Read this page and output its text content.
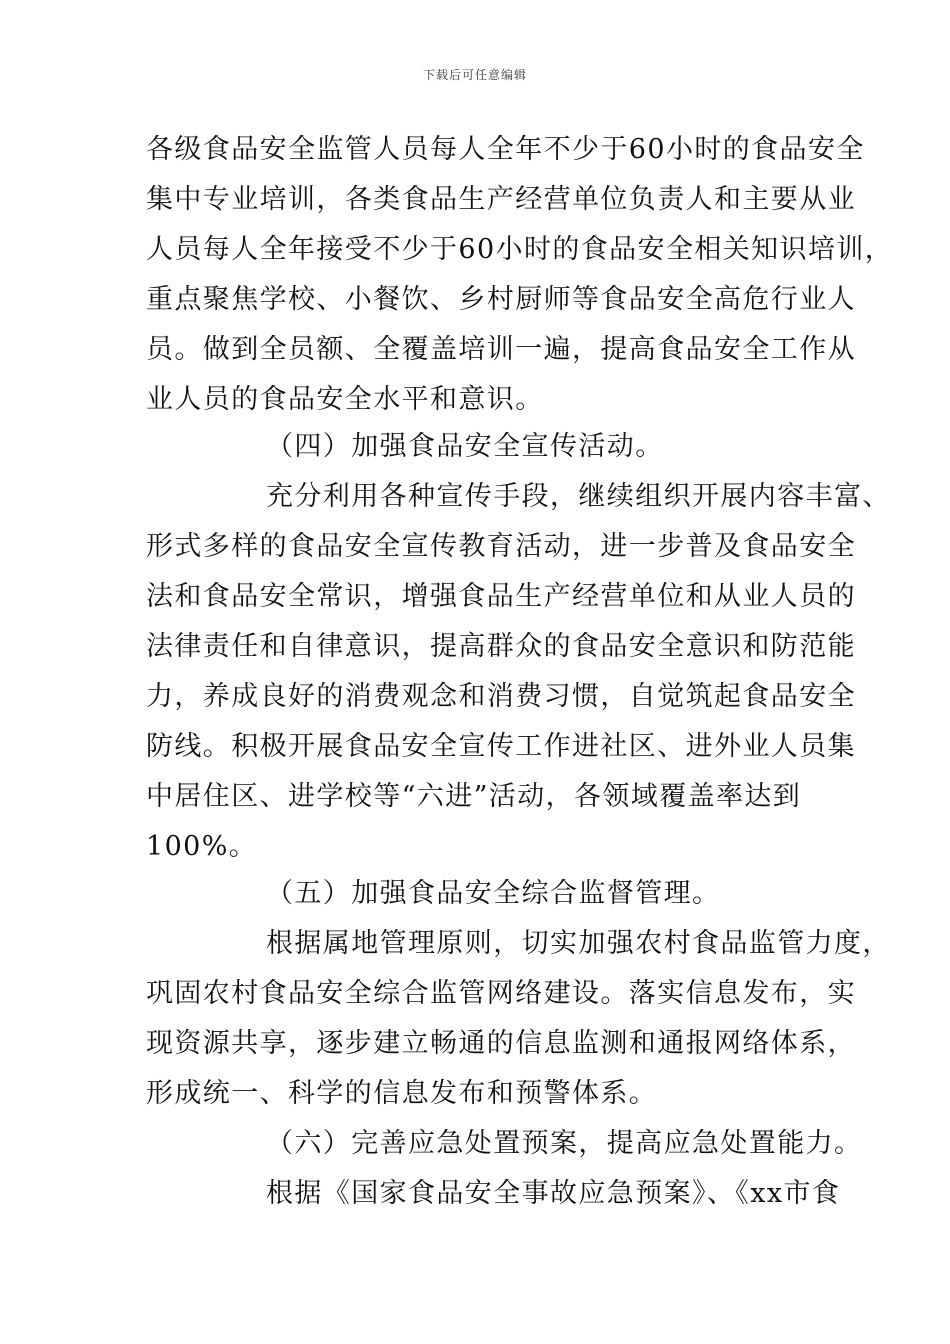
下载后可任意编辑
各级食品安全监管人员每人全年不少于60小时的食品安全
集中专业培训，各类食品生产经营单位负责人和主要从业
人员每人全年接受不少于60小时的食品安全相关知识培训，
重点聚焦学校、小餐饮、乡村厨师等食品安全高危行业人
员。做到全员额、全覆盖培训一遍，提高食品安全工作从
业人员的食品安全水平和意识。
（四）加强食品安全宣传活动。
充分利用各种宣传手段，继续组织开展内容丰富、
形式多样的食品安全宣传教育活动，进一步普及食品安全
法和食品安全常识，增强食品生产经营单位和从业人员的
法律责任和自律意识，提高群众的食品安全意识和防范能
力，养成良好的消费观念和消费习惯，自觉筑起食品安全
防线。积极开展食品安全宣传工作进社区、进外业人员集
中居住区、进学校等“六进”活动，各领域覆盖率达到
100%。
（五）加强食品安全综合监督管理。
根据属地管理原则，切实加强农村食品监管力度，
巩固农村食品安全综合监管网络建设。落实信息发布，实
现资源共享，逐步建立畅通的信息监测和通报网络体系，
形成统一、科学的信息发布和预警体系。
（六）完善应急处置预案，提高应急处置能力。
根据《国家食品安全事故应急预案》、《xx市食
